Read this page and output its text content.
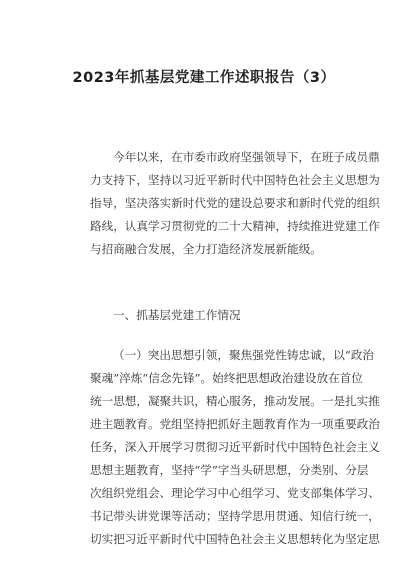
2023年抓基层党建工作述职报告（3）
今年以来，在市委市政府坚强领导下，在班子成员鼎
力支持下，坚持以习近平新时代中国特色社会主义思想为
指导，坚决落实新时代党的建设总要求和新时代党的组织
路线，认真学习贯彻党的二十大精神，持续推进党建工作
与招商融合发展，全力打造经济发展新能级。
一、抓基层党建工作情况
（一）突出思想引领，聚焦强党性铸忠诚，以“政治
聚魂”淬炼“信念先锋”。始终把思想政治建设放在首位
统一思想，凝聚共识，精心服务，推动发展。一是扎实推
进主题教育。党组坚持把抓好主题教育作为一项重要政治
任务，深入开展学习贯彻习近平新时代中国特色社会主义
思想主题教育，坚持“学”字当头研思想，分类别、分层
次组织党组会、理论学习中心组学习、党支部集体学习、
书记带头讲党课等活动；坚持学思用贯通、知信行统一，
切实把习近平新时代中国特色社会主义思想转化为坚定思
